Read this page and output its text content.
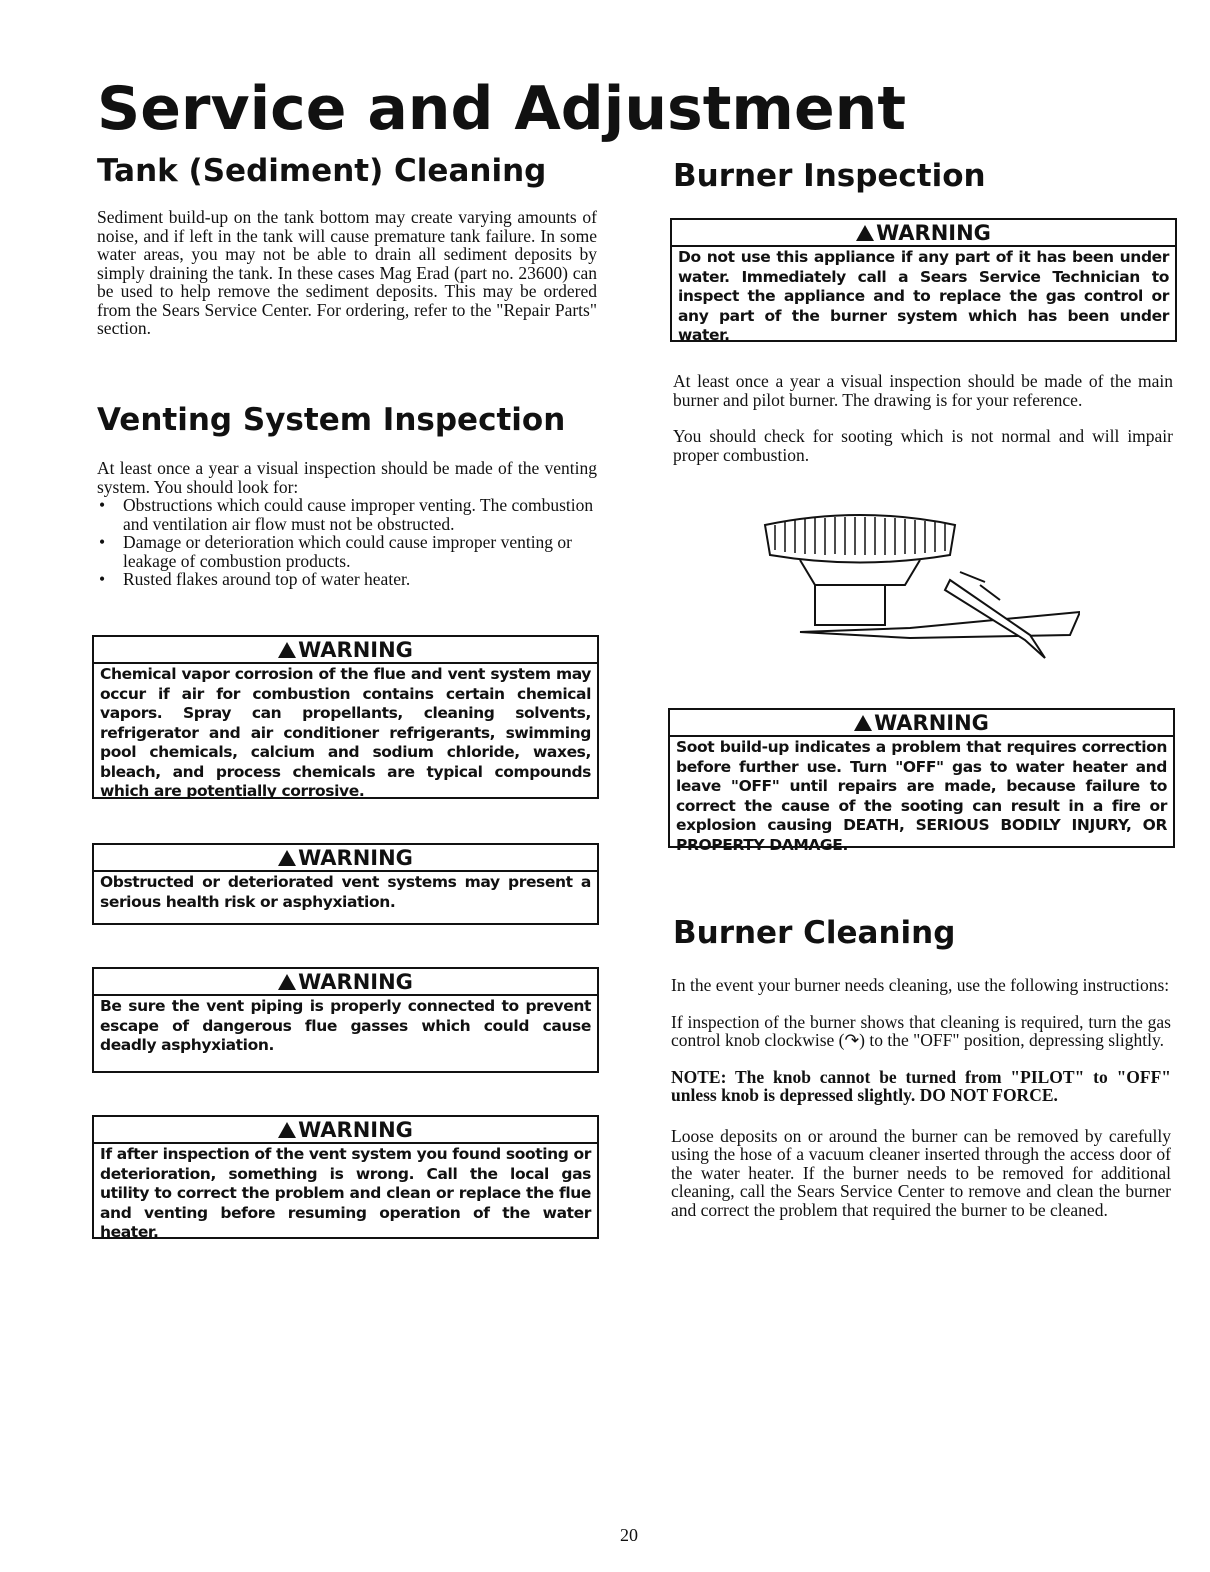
Service and Adjustment
Tank (Sediment) Cleaning

Sediment build-up on the tank bottom may create varying amounts of noise, and if left in the tank will cause premature tank failure. In some water areas, you may not be able to drain all sediment deposits by simply draining the tank. In these cases Mag Erad (part no. 23600) can be used to help remove the sediment deposits. This may be ordered from the Sears Service Center. For ordering, refer to the "Repair Parts" section.

Venting System Inspection

At least once a year a visual inspection should be made of the venting system. You should look for:

• Obstructions which could cause improper venting. The combustion and ventilation air flow must not be obstructed.
• Damage or deterioration which could cause improper venting or leakage of combustion products.
• Rusted flakes around top of water heater.
WARNING
Chemical vapor corrosion of the flue and vent system may occur if air for combustion contains certain chemical vapors. Spray can propellants, cleaning solvents, refrigerator and air conditioner refrigerants, swimming pool chemicals, calcium and sodium chloride, waxes, bleach, and process chemicals are typical compounds which are potentially corrosive.
WARNING
Obstructed or deteriorated vent systems may present a serious health risk or asphyxiation.
WARNING
Be sure the vent piping is properly connected to prevent escape of dangerous flue gasses which could cause deadly asphyxiation.
WARNING
If after inspection of the vent system you found sooting or deterioration, something is wrong. Call the local gas utility to correct the problem and clean or replace the flue and venting before resuming operation of the water heater.
Burner Inspection
WARNING
Do not use this appliance if any part of it has been under water. Immediately call a Sears Service Technician to inspect the appliance and to replace the gas control or any part of the burner system which has been under water.

At least once a year a visual inspection should be made of the main burner and pilot burner. The drawing is for your reference.

You should check for sooting which is not normal and will impair proper combustion.

WARNING
Soot build-up indicates a problem that requires correction before further use. Turn "OFF" gas to water heater and leave "OFF" until repairs are made, because failure to correct the cause of the sooting can result in a fire or explosion causing DEATH, SERIOUS BODILY INJURY, OR PROPERTY DAMAGE.
Burner Cleaning

In the event your burner needs cleaning, use the following instructions:

If inspection of the burner shows that cleaning is required, turn the gas control knob clockwise (↷) to the "OFF" position, depressing slightly.

NOTE: The knob cannot be turned from "PILOT" to "OFF" unless knob is depressed slightly. DO NOT FORCE.

Loose deposits on or around the burner can be removed by carefully using the hose of a vacuum cleaner inserted through the access door of the water heater. If the burner needs to be removed for additional cleaning, call the Sears Service Center to remove and clean the burner and correct the problem that required the burner to be cleaned.

20
